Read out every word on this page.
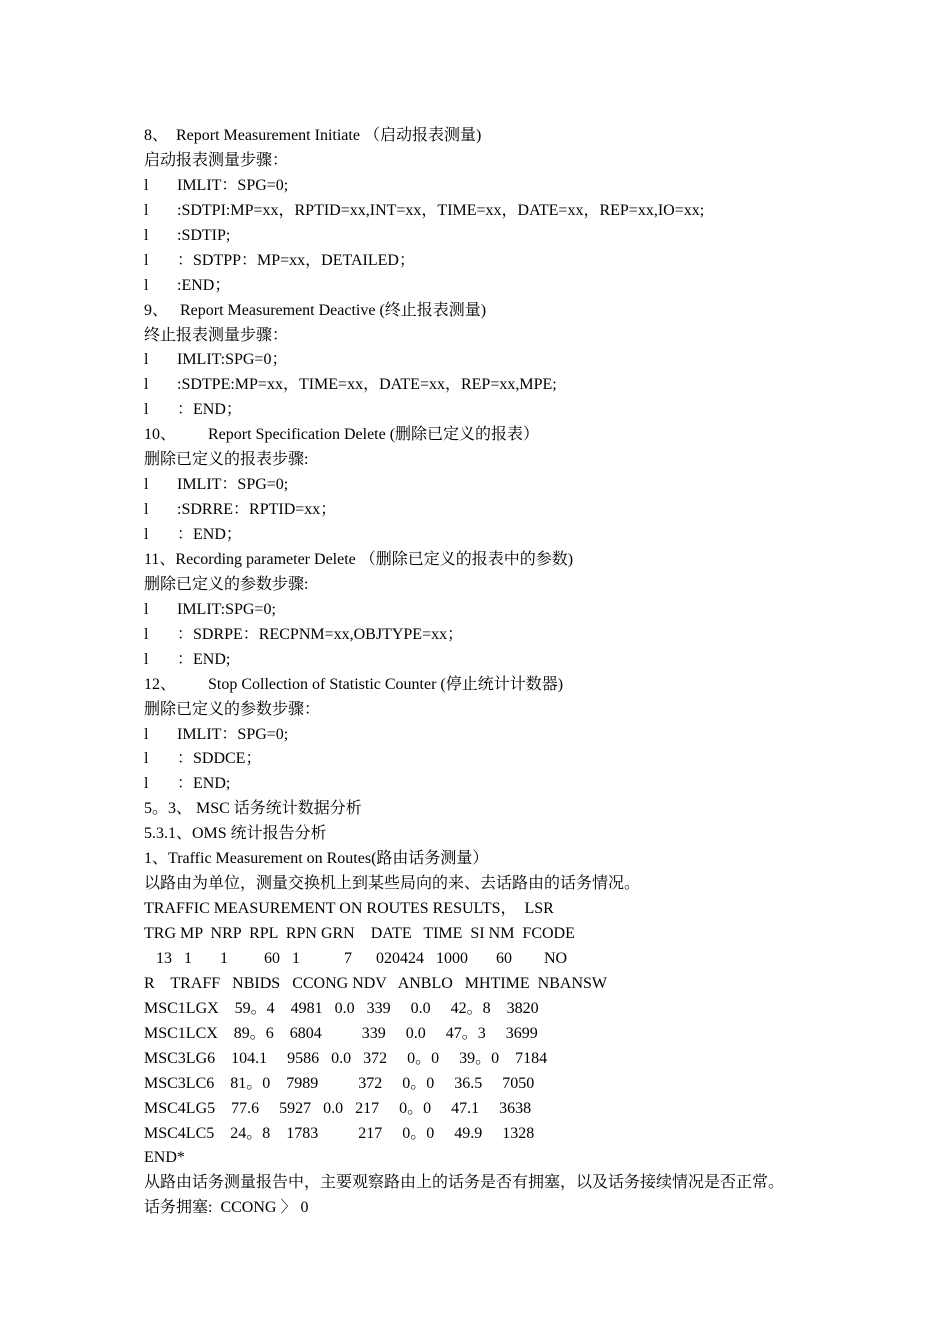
8、  Report Measurement Initiate （启动报表测量)
启动报表测量步骤：
l IMLIT：SPG=0;
l :SDTPI:MP=xx，RPTID=xx,INT=xx，TIME=xx，DATE=xx，REP=xx,IO=xx;
l :SDTIP;
l ：SDTPP：MP=xx，DETAILED；
l :END；
9、   Report Measurement Deactive (终止报表测量)
终止报表测量步骤：
l IMLIT:SPG=0；
l :SDTPE:MP=xx，TIME=xx，DATE=xx，REP=xx,MPE;
l ：END；
10、        Report Specification Delete (删除已定义的报表）
删除已定义的报表步骤:
l IMLIT：SPG=0;
l :SDRRE：RPTID=xx；
l ：END；
11、Recording parameter Delete （删除已定义的报表中的参数)
删除已定义的参数步骤:
l IMLIT:SPG=0;
l ：SDRPE：RECPNM=xx,OBJTYPE=xx；
l ：END;
12、        Stop Collection of Statistic Counter (停止统计计数器)
删除已定义的参数步骤：
l IMLIT：SPG=0;
l ：SDDCE；
l ：END;
5。3、 MSC 话务统计数据分析
5.3.1、OMS 统计报告分析
1、Traffic Measurement on Routes(路由话务测量）
以路由为单位，测量交换机上到某些局向的来、去话路由的话务情况。
TRAFFIC MEASUREMENT ON ROUTES RESULTS，  LSR
TRG MP  NRP  RPL  RPN GRN    DATE   TIME  SI NM  FCODE
13   1       1         60   1           7      020424   1000       60        NO
R    TRAFF   NBIDS   CCONG NDV   ANBLO   MHTIME  NBANSW
MSC1LGX    59。4    4981   0.0   339     0.0     42。8    3820
MSC1LCX    89。6    6804          339     0.0     47。3     3699
MSC3LG6    104.1     9586   0.0   372     0。0     39。0    7184
MSC3LC6    81。0    7989          372     0。0     36.5     7050
MSC4LG5    77.6     5927   0.0   217     0。0     47.1     3638
MSC4LC5    24。8    1783          217     0。0     49.9     1328
END*
从路由话务测量报告中，主要观察路由上的话务是否有拥塞，以及话务接续情况是否正常。
话务拥塞:  CCONG 〉 0
